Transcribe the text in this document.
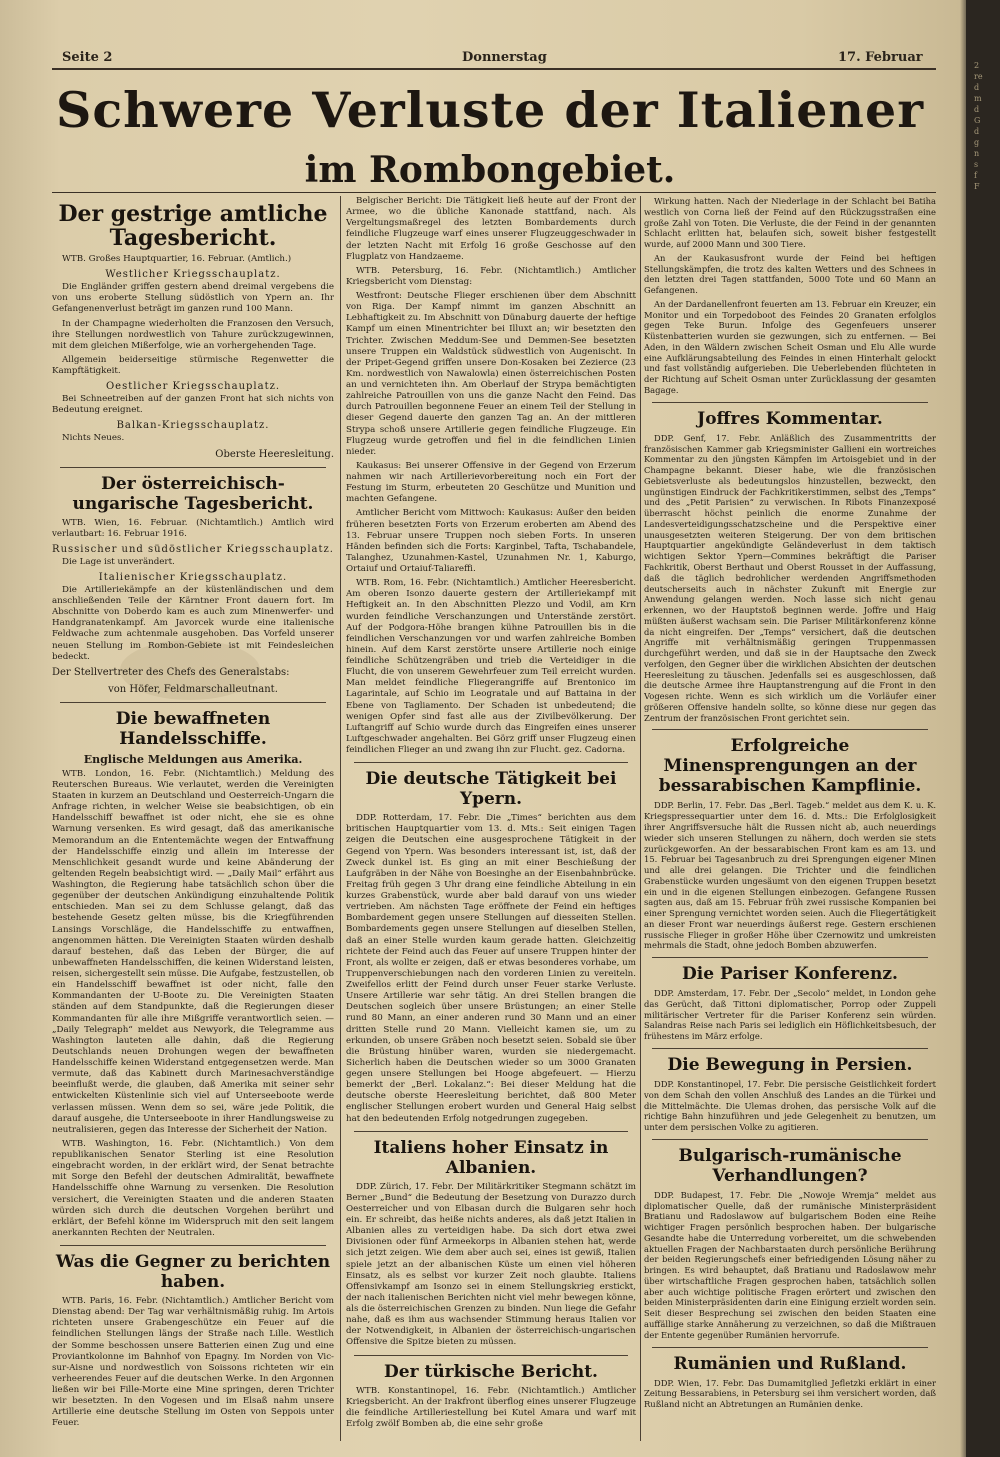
2
re
d
m
d
G
d
g
n
s
f
F
Seite 2	Donnerstag	17. Februar
Schwere Verluste der Italiener
im Rombongebiet.
Der gestrige amtliche Tagesbericht.

WTB. Großes Hauptquartier, 16. Februar. (Amtlich.)

Westlicher Kriegsschauplatz.

Die Engländer griffen gestern abend dreimal vergebens die von uns eroberte Stellung südöstlich von Ypern an. Ihr Gefangenenverlust beträgt im ganzen rund 100 Mann.

In der Champagne wiederholten die Franzosen den Versuch, ihre Stellungen nordwestlich von Tahure zurückzugewinnen, mit dem gleichen Mißerfolge, wie an vorhergehenden Tage.

Allgemein beiderseitige stürmische Regenwetter die Kampftätigkeit.

Oestlicher Kriegsschauplatz.

Bei Schneetreiben auf der ganzen Front hat sich nichts von Bedeutung ereignet.

Balkan-Kriegsschauplatz.

Nichts Neues.

Oberste Heeresleitung.
Der österreichisch-ungarische Tagesbericht.

WTB. Wien, 16. Februar. (Nichtamtlich.) Amtlich wird verlautbart: 16. Februar 1916.

Russischer und südöstlicher Kriegsschauplatz.

Die Lage ist unverändert.

Italienischer Kriegsschauplatz.

Die Artilleriekämpfe an der küstenländischen und dem anschließenden Teile der Kärntner Front dauern fort. Im Abschnitte von Doberdo kam es auch zum Minenwerfer- und Handgranatenkampf. Am Javorcek wurde eine italienische Feldwache zum achtenmale ausgehoben. Das Vorfeld unserer neuen Stellung im Rombon-Gebiete ist mit Feindesleichen bedeckt.

Der Stellvertreter des Chefs des Generalstabs:
von Höfer, Feldmarschalleutnant.
Die bewaffneten Handelsschiffe.
Englische Meldungen aus Amerika.

WTB. London, 16. Febr. (Nichtamtlich.) Meldung des Reuterschen Bureaus. Wie verlautet, werden die Vereinigten Staaten in kurzem an Deutschland und Oesterreich-Ungarn die Anfrage richten, in welcher Weise sie beabsichtigen, ob ein Handelsschiff bewaffnet ist oder nicht, ehe sie es ohne Warnung versenken. Es wird gesagt, daß das amerikanische Memorandum an die Ententemächte wegen der Entwaffnung der Handelsschiffe einzig und allein im Interesse der Menschlichkeit gesandt wurde und keine Abänderung der geltenden Regeln beabsichtigt wird. — „Daily Mail“ erfährt aus Washington, die Regierung habe tatsächlich schon über die gegenüber der deutschen Ankündigung einzuhaltende Politik entschieden. Man sei zu dem Schlusse gelangt, daß das bestehende Gesetz gelten müsse, bis die Kriegführenden Lansings Vorschläge, die Handelsschiffe zu entwaffnen, angenommen hätten. Die Vereinigten Staaten würden deshalb darauf bestehen, daß das Leben der Bürger, die auf unbewaffneten Handelsschiffen, die keinen Widerstand leisten, reisen, sichergestellt sein müsse. Die Aufgabe, festzustellen, ob ein Handelsschiff bewaffnet ist oder nicht, falle den Kommandanten der U-Boote zu. Die Vereinigten Staaten ständen auf dem Standpunkte, daß die Regierungen dieser Kommandanten für alle ihre Mißgriffe verantwortlich seien. — „Daily Telegraph“ meldet aus Newyork, die Telegramme aus Washington lauteten alle dahin, daß die Regierung Deutschlands neuen Drohungen wegen der bewaffneten Handelsschiffe keinen Widerstand entgegensetzen werde. Man vermute, daß das Kabinett durch Marinesachverständige beeinflußt werde, die glauben, daß Amerika mit seiner sehr entwickelten Küstenlinie sich viel auf Unterseeboote werde verlassen müssen. Wenn dem so sei, wäre jede Politik, die darauf ausgehe, die Unterseeboote in ihrer Handlungsweise zu neutralisieren, gegen das Interesse der Sicherheit der Nation.

WTB. Washington, 16. Febr. (Nichtamtlich.) Von dem republikanischen Senator Sterling ist eine Resolution eingebracht worden, in der erklärt wird, der Senat betrachte mit Sorge den Befehl der deutschen Admiralität, bewaffnete Handelsschiffe ohne Warnung zu versenken. Die Resolution versichert, die Vereinigten Staaten und die anderen Staaten würden sich durch die deutschen Vorgehen berührt und erklärt, der Befehl könne im Widerspruch mit den seit langem anerkannten Rechten der Neutralen.

Was die Gegner zu berichten haben.

WTB. Paris, 16. Febr. (Nichtamtlich.) Amtlicher Bericht vom Dienstag abend: Der Tag war verhältnismäßig ruhig. Im Artois richteten unsere Grabengeschütze ein Feuer auf die feindlichen Stellungen längs der Straße nach Lille. Westlich der Somme beschossen unsere Batterien einen Zug und eine Proviantkolonne im Bahnhof von Epagny. Im Norden von Vic-sur-Aisne und nordwestlich von Soissons richteten wir ein verheerendes Feuer auf die deutschen Werke. In den Argonnen ließen wir bei Fille-Morte eine Mine springen, deren Trichter wir besetzten. In den Vogesen und im Elsaß nahm unsere Artillerie eine deutsche Stellung im Osten von Seppois unter Feuer.

Belgischer Bericht: Die Tätigkeit ließ heute auf der Front der Armee, wo die übliche Kanonade stattfand, nach. Als Vergeltungsmaßregel des letzten Bombardements durch feindliche Flugzeuge warf eines unserer Flugzeuggeschwader in der letzten Nacht mit Erfolg 16 große Geschosse auf den Flugplatz von Handzaeme.

WTB. Petersburg, 16. Febr. (Nichtamtlich.) Amtlicher Kriegsbericht vom Dienstag:

Westfront: Deutsche Flieger erschienen über dem Abschnitt von Riga. Der Kampf nimmt im ganzen Abschnitt an Lebhaftigkeit zu. Im Abschnitt von Dünaburg dauerte der heftige Kampf um einen Minentrichter bei Illuxt an; wir besetzten den Trichter. Zwischen Meddum-See und Demmen-See besetzten unsere Truppen ein Waldstück südwestlich von Augenischt. In der Pripet-Gegend griffen unsere Don-Kosaken bei Zezierce (23 Km. nordwestlich von Nawalowla) einen österreichischen Posten an und vernichteten ihn. Am Oberlauf der Strypa bemächtigten zahlreiche Patrouillen von uns die ganze Nacht den Feind. Das durch Patrouillen begonnene Feuer an einem Teil der Stellung in dieser Gegend dauerte den ganzen Tag an. An der mittleren Strypa schoß unsere Artillerie gegen feindliche Flugzeuge. Ein Flugzeug wurde getroffen und fiel in die feindlichen Linien nieder.

Kaukasus: Bei unserer Offensive in der Gegend von Erzerum nahmen wir nach Artillerievorbereitung noch ein Fort der Festung im Sturm, erbeuteten 20 Geschütze und Munition und machten Gefangene.

Amtlicher Bericht vom Mittwoch: Kaukasus: Außer den beiden früheren besetzten Forts von Erzerum eroberten am Abend des 13. Februar unsere Truppen noch sieben Forts. In unseren Händen befinden sich die Forts: Karginbel, Tafta, Tschabandele, Talanghez, Uzunahmen-Kastel, Uzunahmen Nr. 1, Kaburgo, Ortaiuf und Ortaiuf-Taliareffi.

WTB. Rom, 16. Febr. (Nichtamtlich.) Amtlicher Heeresbericht. Am oberen Isonzo dauerte gestern der Artilleriekampf mit Heftigkeit an. In den Abschnitten Plezzo und Vodil, am Krn wurden feindliche Verschanzungen und Unterstände zerstört. Auf der Podgora-Höhe brangen kühne Patrouillen bis in die feindlichen Verschanzungen vor und warfen zahlreiche Bomben hinein. Auf dem Karst zerstörte unsere Artillerie noch einige feindliche Schützengräben und trieb die Verteidiger in die Flucht, die von unserem Gewehrfeuer zum Teil erreicht wurden. Man meldet feindliche Fliegerangriffe auf Brentonico im Lagarintale, auf Schio im Leogratale und auf Battaina in der Ebene von Tagliamento. Der Schaden ist unbedeutend; die wenigen Opfer sind fast alle aus der Zivilbevölkerung. Der Luftangriff auf Schio wurde durch das Eingreifen eines unserer Luftgeschwader angehalten. Bei Görz griff unser Flugzeug einen feindlichen Flieger an und zwang ihn zur Flucht. gez. Cadorna.

Die deutsche Tätigkeit bei Ypern.

DDP. Rotterdam, 17. Febr. Die „Times“ berichten aus dem britischen Hauptquartier vom 13. d. Mts.: Seit einigen Tagen zeigen die Deutschen eine ausgesprochene Tätigkeit in der Gegend von Ypern. Was besonders interessant ist, ist, daß der Zweck dunkel ist. Es ging an mit einer Beschießung der Laufgräben in der Nähe von Boesinghe an der Eisenbahnbrücke. Freitag früh gegen 3 Uhr drang eine feindliche Abteilung in ein kurzes Grabenstück, wurde aber bald darauf von uns wieder vertrieben. Am nächsten Tage eröffnete der Feind ein heftiges Bombardement gegen unsere Stellungen auf diesseiten Stellen. Bombardements gegen unsere Stellungen auf dieselben Stellen, daß an einer Stelle wurden kaum gerade hatten. Gleichzeitig richtete der Feind auch das Feuer auf unsere Truppen hinter der Front, als wollte er zeigen, daß er etwas besonderes vorhabe, um Truppenverschiebungen nach den vorderen Linien zu vereiteln. Zweifellos erlitt der Feind durch unser Feuer starke Verluste. Unsere Artillerie war sehr tätig. An drei Stellen brangen die Deutschen sogleich über unsere Brüstungen; an einer Stelle rund 80 Mann, an einer anderen rund 30 Mann und an einer dritten Stelle rund 20 Mann. Vielleicht kamen sie, um zu erkunden, ob unsere Gräben noch besetzt seien. Sobald sie über die Brüstung hinüber waren, wurden sie niedergemacht. Sicherlich haben die Deutschen wieder so um 3000 Granaten gegen unsere Stellungen bei Hooge abgefeuert. — Hierzu bemerkt der „Berl. Lokalanz.“: Bei dieser Meldung hat die deutsche oberste Heeresleitung berichtet, daß 800 Meter englischer Stellungen erobert wurden und General Haig selbst hat den bedeutenden Erfolg notgedrungen zugegeben.

Italiens hoher Einsatz in Albanien.

DDP. Zürich, 17. Febr. Der Militärkritiker Stegmann schätzt im Berner „Bund“ die Bedeutung der Besetzung von Durazzo durch Oesterreicher und von Elbasan durch die Bulgaren sehr hoch ein. Er schreibt, das heiße nichts anderes, als daß jetzt Italien in Albanien alles zu verteidigen habe. Da sich dort etwa zwei Divisionen oder fünf Armeekorps in Albanien stehen hat, werde sich jetzt zeigen. Wie dem aber auch sei, eines ist gewiß, Italien spiele jetzt an der albanischen Küste um einen viel höheren Einsatz, als es selbst vor kurzer Zeit noch glaubte. Italiens Offensivkampf am Isonzo sei in einem Stellungskrieg erstickt, der nach italienischen Berichten nicht viel mehr bewegen könne, als die österreichischen Grenzen zu binden. Nun liege die Gefahr nahe, daß es ihm aus wachsender Stimmung heraus Italien vor der Notwendigkeit, in Albanien der österreichisch-ungarischen Offensive die Spitze bieten zu müssen.

Der türkische Bericht.

WTB. Konstantinopel, 16. Febr. (Nichtamtlich.) Amtlicher Kriegsbericht. An der Irakfront überflog eines unserer Flugzeuge die feindliche Artilleriestellung bei Kutel Amara und warf mit Erfolg zwölf Bomben ab, die eine sehr große

Wirkung hatten. Nach der Niederlage in der Schlacht bei Batiha westlich von Corna ließ der Feind auf den Rückzugsstraßen eine große Zahl von Toten. Die Verluste, die der Feind in der genannten Schlacht erlitten hat, belaufen sich, soweit bisher festgestellt wurde, auf 2000 Mann und 300 Tiere.

An der Kaukasusfront wurde der Feind bei heftigen Stellungskämpfen, die trotz des kalten Wetters und des Schnees in den letzten drei Tagen stattfanden, 5000 Tote und 60 Mann an Gefangenen.

An der Dardanellenfront feuerten am 13. Februar ein Kreuzer, ein Monitor und ein Torpedoboot des Feindes 20 Granaten erfolglos gegen Teke Burun. Infolge des Gegenfeuers unserer Küstenbatterien wurden sie gezwungen, sich zu entfernen. — Bei Aden, in den Wäldern zwischen Scheit Osman und Elu Alle wurde eine Aufklärungsabteilung des Feindes in einen Hinterhalt gelockt und fast vollständig aufgerieben. Die Ueberlebenden flüchteten in der Richtung auf Scheit Osman unter Zurücklassung der gesamten Bagage.

Joffres Kommentar.

DDP. Genf, 17. Febr. Anläßlich des Zusammentritts der französischen Kammer gab Kriegsminister Gallieni ein wortreiches Kommentar zu den jüngsten Kämpfen im Artoisgebiet und in der Champagne bekannt. Dieser habe, wie die französischen Gebietsverluste als bedeutungslos hinzustellen, bezweckt, den ungünstigen Eindruck der Fachkritikerstimmen, selbst des „Temps“ und des „Petit Parisien“ zu verwischen. In Ribots Finanzexposé überrascht höchst peinlich die enorme Zunahme der Landesverteidigungsschatzscheine und die Perspektive einer unausgesetzten weiteren Steigerung. Der von dem britischen Hauptquartier angekündigte Geländeverlust in dem taktisch wichtigen Sektor Ypern—Commines bekräftigt die Pariser Fachkritik, Oberst Berthaut und Oberst Rousset in der Auffassung, daß die täglich bedrohlicher werdenden Angriffsmethoden deutscherseits auch in nächster Zukunft mit Energie zur Anwendung gelangen werden. Noch lasse sich nicht genau erkennen, wo der Hauptstoß beginnen werde. Joffre und Haig müßten äußerst wachsam sein. Die Pariser Militärkonferenz könne da nicht eingreifen. Der „Temps“ versichert, daß die deutschen Angriffe mit verhältnismäßig geringen Truppenmassen durchgeführt werden, und daß sie in der Hauptsache den Zweck verfolgen, den Gegner über die wirklichen Absichten der deutschen Heeresleitung zu täuschen. Jedenfalls sei es ausgeschlossen, daß die deutsche Armee ihre Hauptanstrengung auf die Front in den Vogesen richte. Wenn es sich wirklich um die Vorläufer einer größeren Offensive handeln sollte, so könne diese nur gegen das Zentrum der französischen Front gerichtet sein.

Erfolgreiche Minensprengungen an der bessarabischen Kampflinie.

DDP. Berlin, 17. Febr. Das „Berl. Tageb.“ meldet aus dem K. u. K. Kriegspressequartier unter dem 16. d. Mts.: Die Erfolglosigkeit ihrer Angriffsversuche hält die Russen nicht ab, auch neuerdings wieder sich unseren Stellungen zu nähern, doch werden sie stets zurückgeworfen. An der bessarabischen Front kam es am 13. und 15. Februar bei Tagesanbruch zu drei Sprengungen eigener Minen und alle drei gelangen. Die Trichter und die feindlichen Grabenstücke wurden ungesäumt von den eigenen Truppen besetzt ein und in die eigenen Stellungen einbezogen. Gefangene Russen sagten aus, daß am 15. Februar früh zwei russische Kompanien bei einer Sprengung vernichtet worden seien. Auch die Fliegertätigkeit an dieser Front war neuerdings äußerst rege. Gestern erschienen russische Flieger in großer Höhe über Czernowitz und umkreisten mehrmals die Stadt, ohne jedoch Bomben abzuwerfen.

Die Pariser Konferenz.

DDP. Amsterdam, 17. Febr. Der „Secolo“ meldet, in London gehe das Gerücht, daß Tittoni diplomatischer, Porrop oder Zuppeli militärischer Vertreter für die Pariser Konferenz sein würden. Salandras Reise nach Paris sei lediglich ein Höflichkeitsbesuch, der frühestens im März erfolge.

Die Bewegung in Persien.

DDP. Konstantinopel, 17. Febr. Die persische Geistlichkeit fordert von dem Schah den vollen Anschluß des Landes an die Türkei und die Mittelmächte. Die Ulemas drohen, das persische Volk auf die richtige Bahn hinzuführen und jede Gelegenheit zu benutzen, um unter dem persischen Volke zu agitieren.

Bulgarisch-rumänische Verhandlungen?

DDP. Budapest, 17. Febr. Die „Nowoje Wremja“ meldet aus diplomatischer Quelle, daß der rumänische Ministerpräsident Bratianu und Radoslawow auf bulgarischem Boden eine Reihe wichtiger Fragen persönlich besprochen haben. Der bulgarische Gesandte habe die Unterredung vorbereitet, um die schwebenden aktuellen Fragen der Nachbarstaaten durch persönliche Berührung der beiden Regierungschefs einer befriedigenden Lösung näher zu bringen. Es wird behauptet, daß Bratianu und Radoslawow mehr über wirtschaftliche Fragen gesprochen haben, tatsächlich sollen aber auch wichtige politische Fragen erörtert und zwischen den beiden Ministerpräsidenten darin eine Einigung erzielt worden sein. Seit dieser Besprechung sei zwischen den beiden Staaten eine auffällige starke Annäherung zu verzeichnen, so daß die Mißtrauen der Entente gegenüber Rumänien hervorrufe.

Rumänien und Rußland.

DDP. Wien, 17. Febr. Das Dumamitglied Jefletzki erklärt in einer Zeitung Bessarabiens, in Petersburg sei ihm versichert worden, daß Rußland nicht an Abtretungen an Rumänien denke.
